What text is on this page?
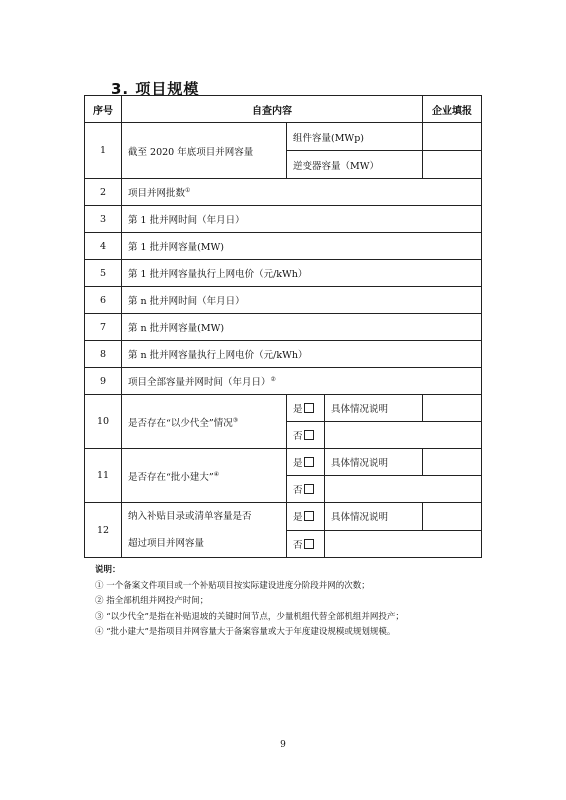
3. 项目规模
序号	自查内容			企业填报
1	截至 2020 年底项目并网容量	组件容量(MWp)		
		逆变器容量（MW）		
2	项目并网批数①
3	第 1 批并网时间（年月日）			
4	第 1 批并网容量(MW)			
5	第 1 批并网容量执行上网电价（元/kWh）			
6	第 n 批并网时间（年月日）			
7	第 n 批并网容量(MW)			
8	第 n 批并网容量执行上网电价（元/kWh）			
9	项目全部容量并网时间（年月日）②
10	是否存在“以少代全”情况③	是	具体情况说明	
		否		
11	是否存在“批小建大”④	是	具体情况说明	
		否		
12	纳入补贴目录或清单容量是否
超过项目并网容量	是	具体情况说明	
		否		
说明：
① 一个备案文件项目或一个补贴项目按实际建设进度分阶段并网的次数；
② 指全部机组并网投产时间；
③ “以少代全”是指在补贴退坡的关键时间节点，少量机组代替全部机组并网投产；
④ “批小建大”是指项目并网容量大于备案容量或大于年度建设规模或规划规模。
9
